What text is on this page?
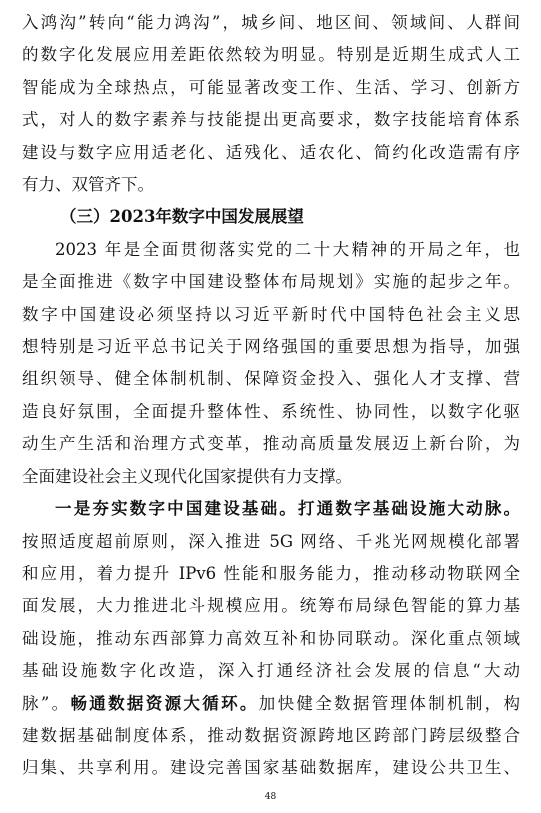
入鸿沟”转向“能力鸿沟”，城乡间、地区间、领域间、人群间
的数字化发展应用差距依然较为明显。特别是近期生成式人工
智能成为全球热点，可能显著改变工作、生活、学习、创新方
式，对人的数字素养与技能提出更高要求，数字技能培育体系
建设与数字应用适老化、适残化、适农化、简约化改造需有序
有力、双管齐下。
（三）2023年数字中国发展展望
2023 年是全面贯彻落实党的二十大精神的开局之年，也
是全面推进《数字中国建设整体布局规划》实施的起步之年。
数字中国建设必须坚持以习近平新时代中国特色社会主义思
想特别是习近平总书记关于网络强国的重要思想为指导，加强
组织领导、健全体制机制、保障资金投入、强化人才支撑、营
造良好氛围，全面提升整体性、系统性、协同性，以数字化驱
动生产生活和治理方式变革，推动高质量发展迈上新台阶，为
全面建设社会主义现代化国家提供有力支撑。
一是夯实数字中国建设基础。打通数字基础设施大动脉。
按照适度超前原则，深入推进 5G 网络、千兆光网规模化部署
和应用，着力提升 IPv6 性能和服务能力，推动移动物联网全
面发展，大力推进北斗规模应用。统筹布局绿色智能的算力基
础设施，推动东西部算力高效互补和协同联动。深化重点领域
基础设施数字化改造，深入打通经济社会发展的信息“大动
脉”。畅通数据资源大循环。加快健全数据管理体制机制，构
建数据基础制度体系，推动数据资源跨地区跨部门跨层级整合
归集、共享利用。建设完善国家基础数据库，建设公共卫生、
48
